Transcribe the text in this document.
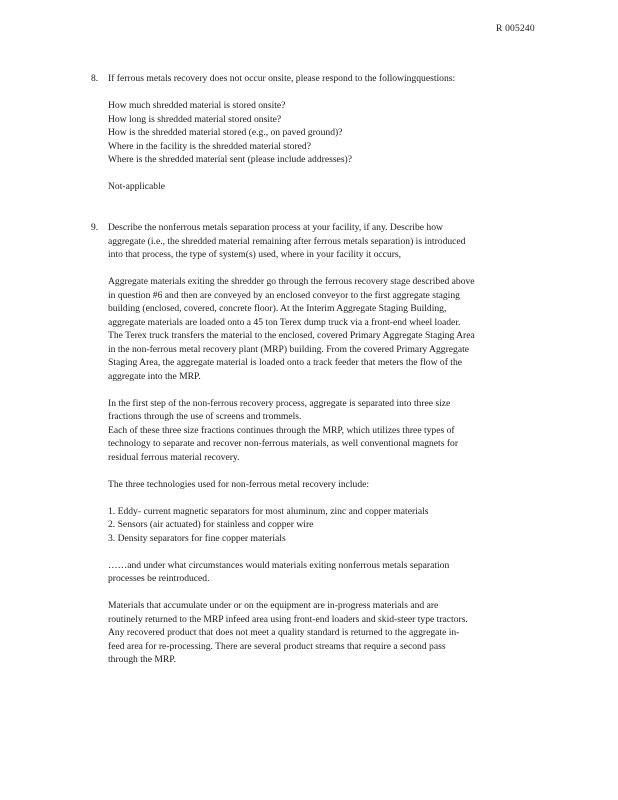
R 005240
8. If ferrous metals recovery does not occur onsite, please respond to the followingquestions:

How much shredded material is stored onsite?

How long is shredded material stored onsite?

How is the shredded material stored (e.g., on paved ground)?

Where in the facility is the shredded material stored?

Where is the shredded material sent (please include addresses)?

Not-applicable

9. Describe the nonferrous metals separation process at your facility, if any. Describe how

aggregate (i.e., the shredded material remaining after ferrous metals separation) is introduced

into that process, the type of system(s) used, where in your facility it occurs,

Aggregate materials exiting the shredder go through the ferrous recovery stage described above

in question #6 and then are conveyed by an enclosed conveyor to the first aggregate staging

building (enclosed, covered, concrete floor). At the Interim Aggregate Staging Building,

aggregate materials are loaded onto a 45 ton Terex dump truck via a front-end wheel loader.

The Terex truck transfers the material to the enclosed, covered Primary Aggregate Staging Area

in the non-ferrous metal recovery plant (MRP) building. From the covered Primary Aggregate

Staging Area, the aggregate material is loaded onto a track feeder that meters the flow of the

aggregate into the MRP.

In the first step of the non-ferrous recovery process, aggregate is separated into three size

fractions through the use of screens and trommels.

Each of these three size fractions continues through the MRP, which utilizes three types of

technology to separate and recover non-ferrous materials, as well conventional magnets for

residual ferrous material recovery.

The three technologies used for non-ferrous metal recovery include:

1. Eddy- current magnetic separators for most aluminum, zinc and copper materials

2. Sensors (air actuated) for stainless and copper wire

3. Density separators for fine copper materials

……and under what circumstances would materials exiting nonferrous metals separation

processes be reintroduced.

Materials that accumulate under or on the equipment are in-progress materials and are

routinely returned to the MRP infeed area using front-end loaders and skid-steer type tractors.

Any recovered product that does not meet a quality standard is returned to the aggregate in-

feed area for re-processing. There are several product streams that require a second pass

through the MRP.
